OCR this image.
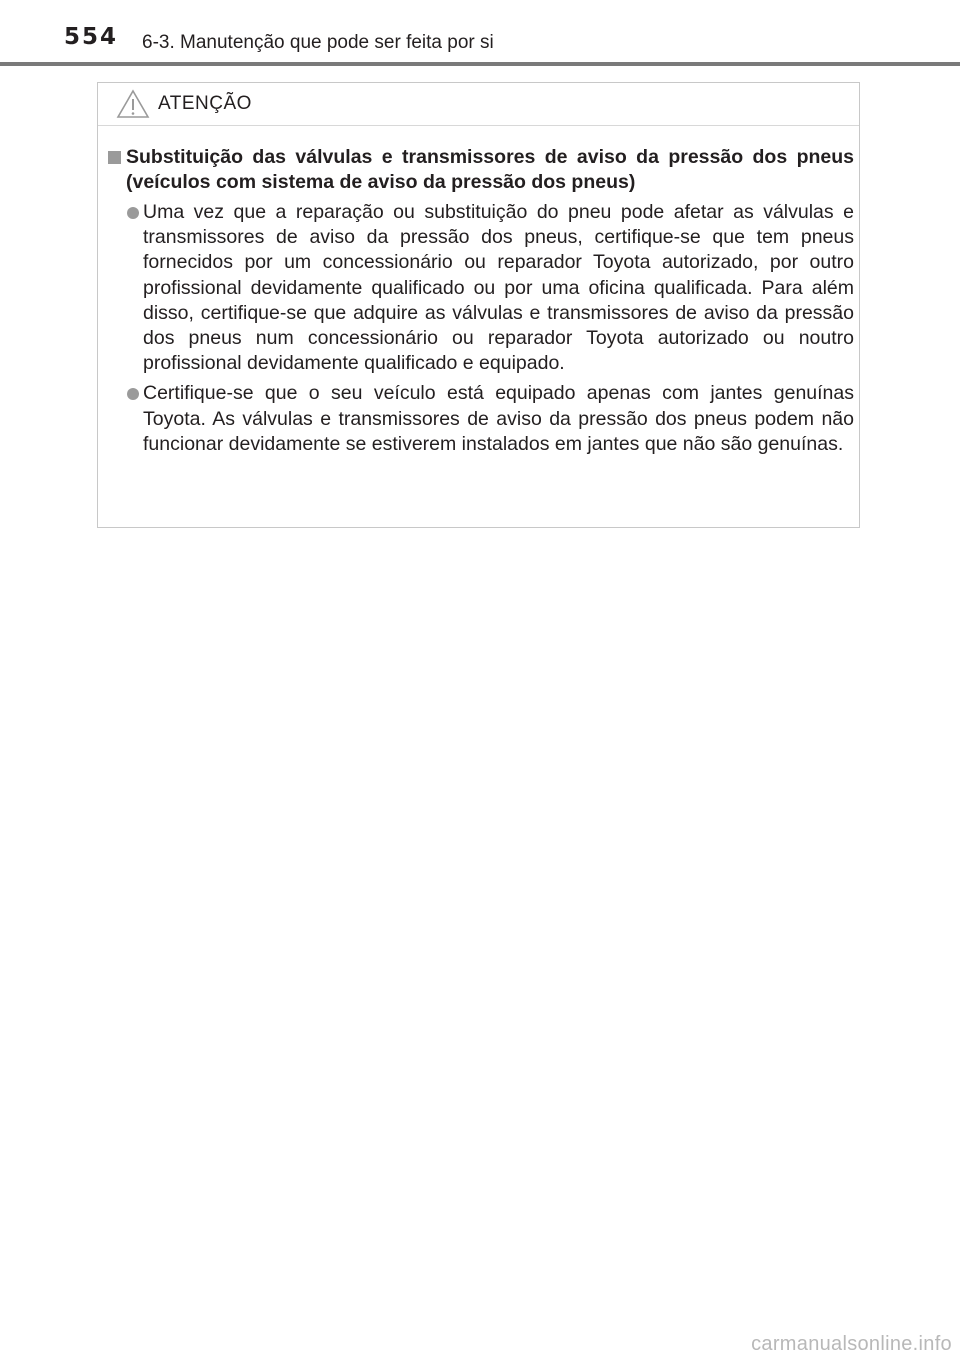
554 6-3. Manutenção que pode ser feita por si
ATENÇÃO
Substituição das válvulas e transmissores de aviso da pressão dos pneus (veículos com sistema de aviso da pressão dos pneus)
Uma vez que a reparação ou substituição do pneu pode afetar as válvulas e transmissores de aviso da pressão dos pneus, certifique-se que tem pneus fornecidos por um concessionário ou reparador Toyota autorizado, por outro profissional devidamente qualificado ou por uma oficina qualificada. Para além disso, certifique-se que adquire as válvulas e transmissores de aviso da pressão dos pneus num concessionário ou reparador Toyota autorizado ou noutro profissional devidamente qualificado e equipado.
Certifique-se que o seu veículo está equipado apenas com jantes genuínas Toyota. As válvulas e transmissores de aviso da pressão dos pneus podem não funcionar devidamente se estiverem instalados em jantes que não são genuínas.
carmanualsonline.info
